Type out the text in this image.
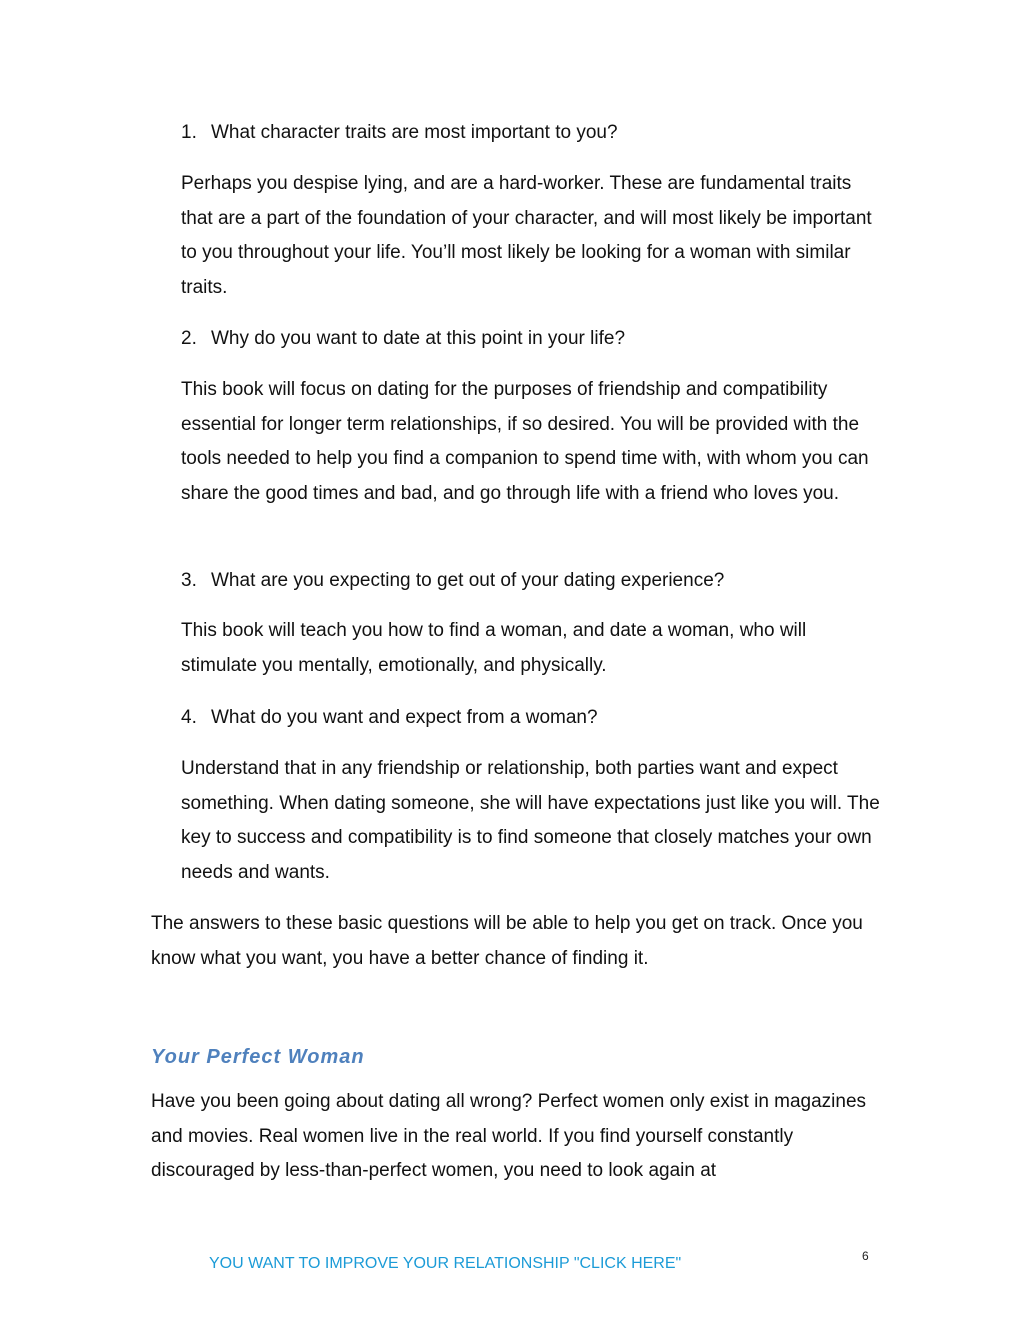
1. What character traits are most important to you?
Perhaps you despise lying, and are a hard-worker. These are fundamental traits that are a part of the foundation of your character, and will most likely be important to you throughout your life. You’ll most likely be looking for a woman with similar traits.
2. Why do you want to date at this point in your life?
This book will focus on dating for the purposes of friendship and compatibility essential for longer term relationships, if so desired. You will be provided with the tools needed to help you find a companion to spend time with, with whom you can share the good times and bad, and go through life with a friend who loves you.
3. What are you expecting to get out of your dating experience?
This book will teach you how to find a woman, and date a woman, who will stimulate you mentally, emotionally, and physically.
4. What do you want and expect from a woman?
Understand that in any friendship or relationship, both parties want and expect something. When dating someone, she will have expectations just like you will. The key to success and compatibility is to find someone that closely matches your own needs and wants.
The answers to these basic questions will be able to help you get on track. Once you know what you want, you have a better chance of finding it.
Your Perfect Woman
Have you been going about dating all wrong? Perfect women only exist in magazines and movies. Real women live in the real world. If you find yourself constantly discouraged by less-than-perfect women, you need to look again at
6
YOU WANT TO IMPROVE YOUR RELATIONSHIP "CLICK HERE"
